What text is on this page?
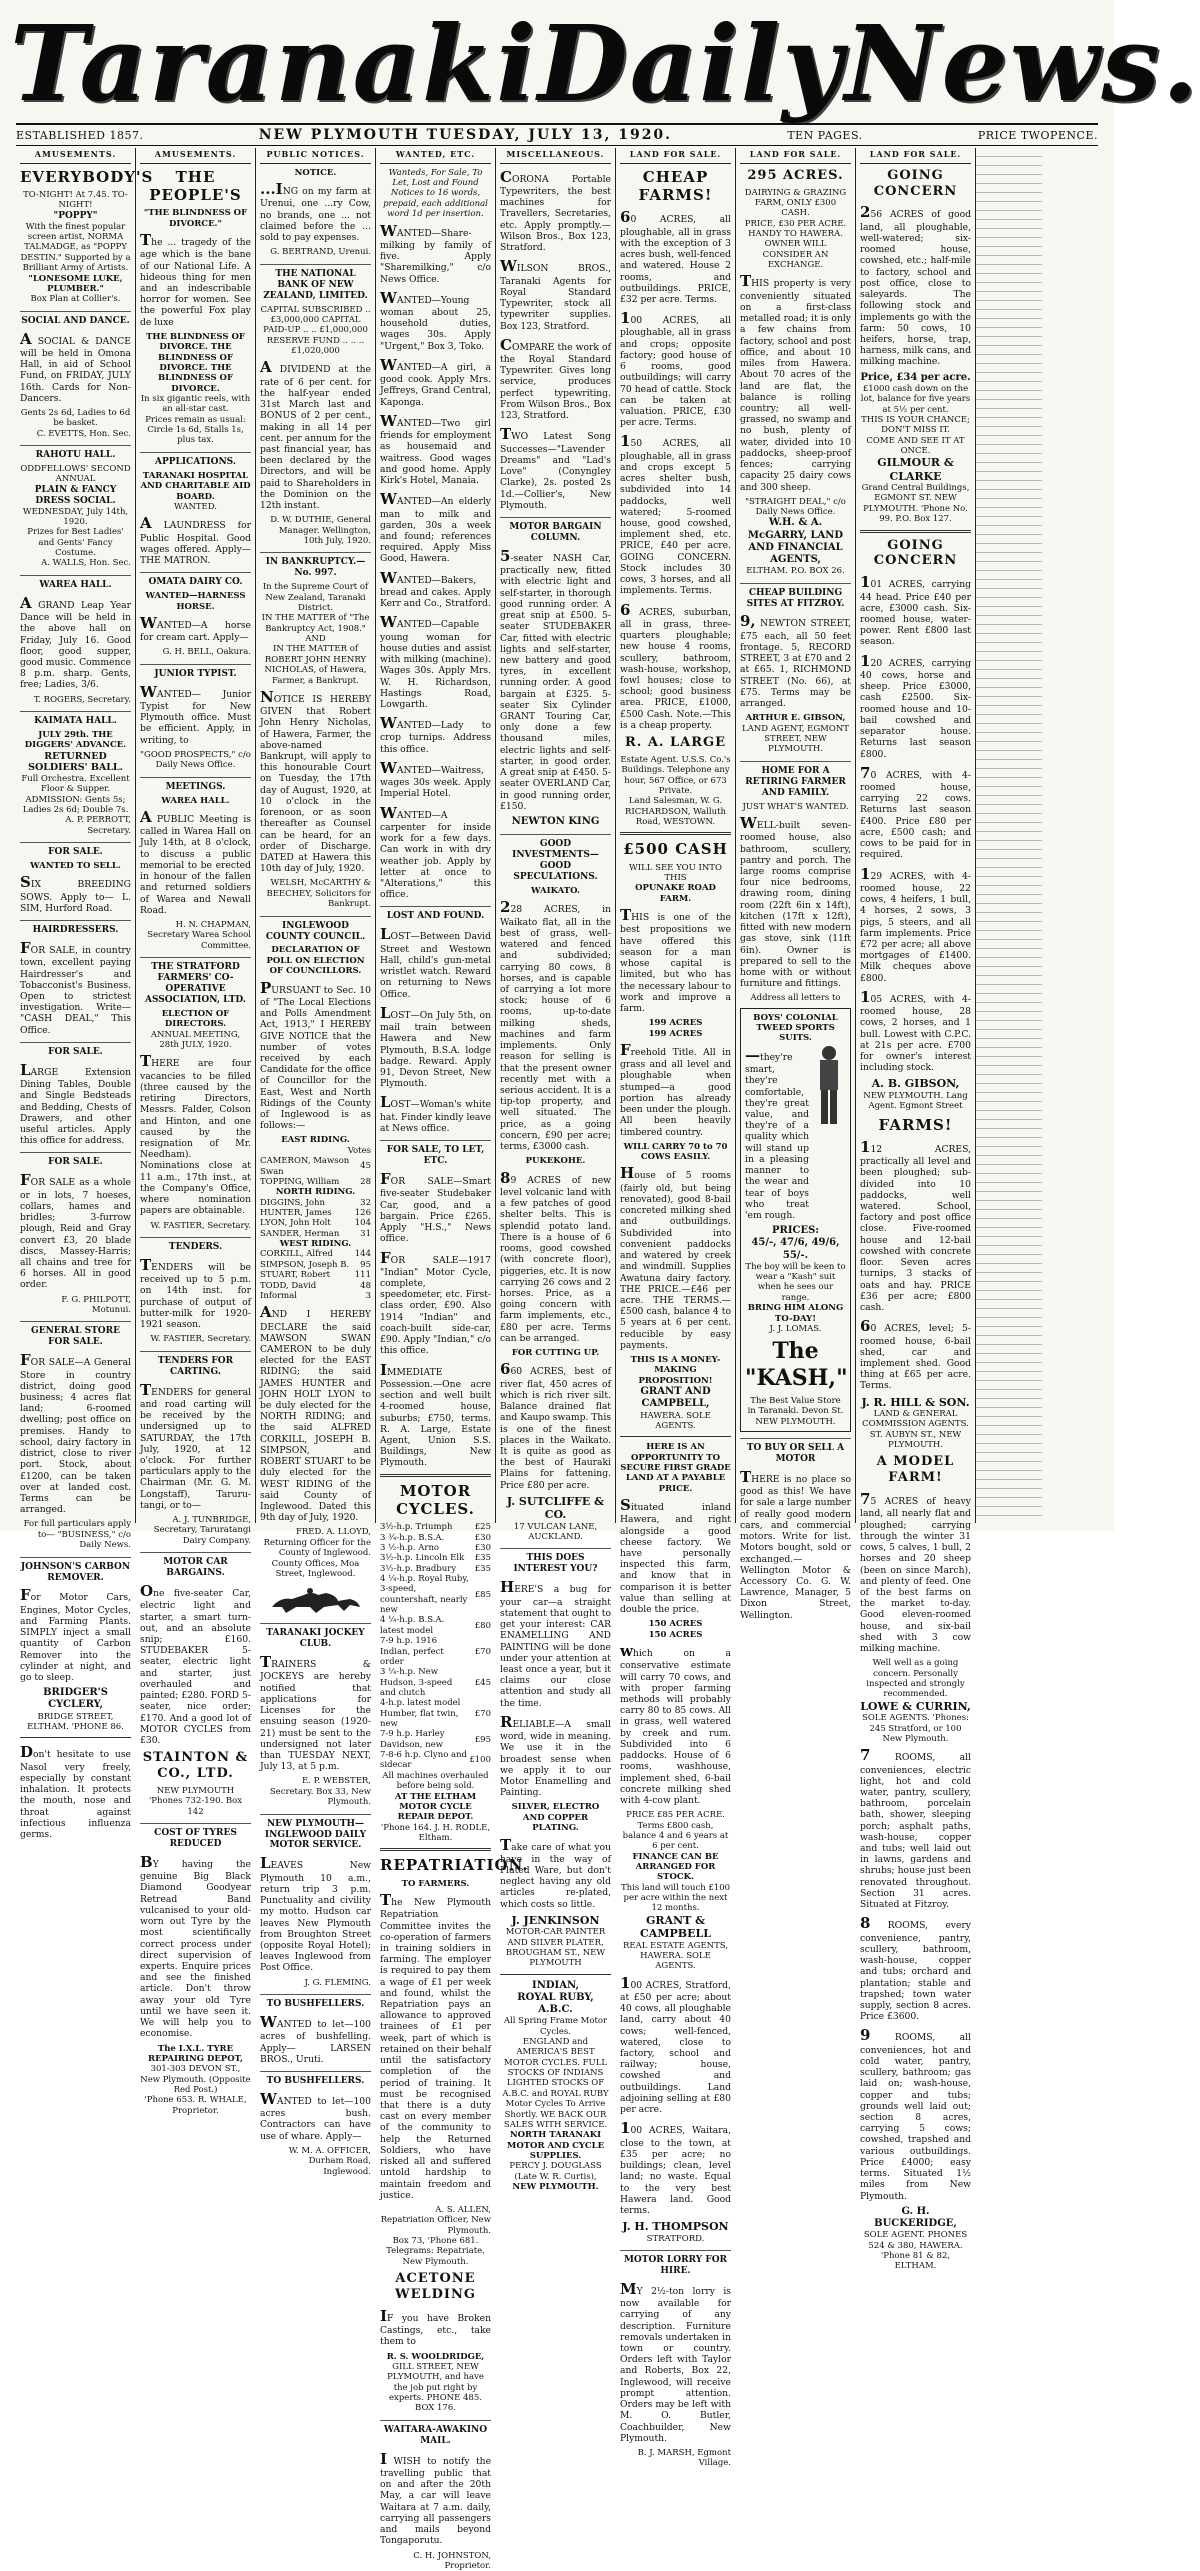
Taranaki Daily News.
ESTABLISHED 1857.	NEW PLYMOUTH TUESDAY, JULY 13, 1920.	TEN PAGES.	PRICE TWOPENCE.
AMUSEMENTS.
EVERYBODY'S
TO-NIGHT! At 7.45. TO-NIGHT!
"POPPY"
With the finest popular screen artist, NORMA TALMADGE, as "POPPY DESTIN." Supported by a Brilliant Army of Artists.
"LONESOME LUKE, PLUMBER."
Box Plan at Collier's.
SOCIAL AND DANCE.
A SOCIAL & DANCE will be held in Omona Hall, in aid of School Fund, on FRIDAY, JULY 16th. Cards for Non-Dancers.
Gents 2s 6d, Ladies to 6d be basket.
C. EVETTS, Hon. Sec.
RAHOTU HALL.
ODDFELLOWS' SECOND ANNUAL
PLAIN & FANCY DRESS SOCIAL.
WEDNESDAY, July 14th, 1920.
Prizes for Best Ladies' and Gents' Fancy Costume.
A. WALLS, Hon. Sec.
WAREA HALL.
A GRAND Leap Year Dance will be held in the above hall on Friday, July 16. Good floor, good supper, good music. Commence 8 p.m. sharp. Gents, free; Ladies, 3/6.
T. ROGERS, Secretary.
KAIMATA HALL.
JULY 29th. THE DIGGERS' ADVANCE.
RETURNED SOLDIERS' BALL.
Full Orchestra. Excellent Floor & Supper. ADMISSION: Gents 5s; Ladies 2s 6d; Double 7s.
A. P. PERROTT, Secretary.
FOR SALE.
WANTED TO SELL.
SIX BREEDING SOWS. Apply to— L. SIM, Hurford Road.
HAIRDRESSERS.
FOR SALE, in country town, excellent paying Hairdresser's and Tobacconist's Business. Open to strictest investigation. Write— "CASH DEAL," This Office.
FOR SALE.
LARGE Extension Dining Tables, Double and Single Bedsteads and Bedding, Chests of Drawers, and other useful articles. Apply this office for address.
FOR SALE.
FOR SALE as a whole or in lots, 7 hoeses, collars, hames and bridles; 3-furrow plough, Reid and Gray convert £3, 20 blade discs, Massey-Harris; all chains and tree for 6 horses. All in good order.
F. G. PHILPOTT, Motunui.
GENERAL STORE FOR SALE.
FOR SALE—A General Store in country district, doing good business; 4 acres flat land; 6-roomed dwelling; post office on premises. Handy to school, dairy factory in district, close to river port. Stock, about £1200, can be taken over at landed cost. Terms can be arranged.
For full particulars apply to— "BUSINESS," c/o Daily News.
JOHNSON'S CARBON REMOVER.
For Motor Cars, Engines, Motor Cycles, and Farming Plants. SIMPLY inject a small quantity of Carbon Remover into the cylinder at night, and go to sleep.
BRIDGER'S CYCLERY,
BRIDGE STREET, ELTHAM. 'PHONE 86.
Don't hesitate to use Nasol very freely, especially by constant inhalation. It protects the mouth, nose and throat against infectious influenza germs.
AMUSEMENTS.
THE PEOPLE'S
"THE BLINDNESS OF DIVORCE."
The ... tragedy of the age which is the bane of our National Life. A hideous thing for men and an indescribable horror for women. See the powerful Fox play de luxe
THE BLINDNESS OF DIVORCE. THE BLINDNESS OF DIVORCE. THE BLINDNESS OF DIVORCE.
In six gigantic reels, with an all-star cast.
Prices remain as usual: Circle 1s 6d, Stalls 1s, plus tax.
APPLICATIONS.
TARANAKI HOSPITAL AND CHARITABLE AID BOARD.
WANTED.
A LAUNDRESS for Public Hospital. Good wages offered. Apply— THE MATRON.
OMATA DAIRY CO.
WANTED—HARNESS HORSE.
WANTED—A horse for cream cart. Apply—
G. H. BELL, Oakura.
JUNIOR TYPIST.
WANTED— Junior Typist for New Plymouth office. Must be efficient. Apply, in writing, to
"GOOD PROSPECTS," c/o Daily News Office.
MEETINGS.
WAREA HALL.
A PUBLIC Meeting is called in Warea Hall on July 14th, at 8 o'clock, to discuss a public memorial to be erected in honour of the fallen and returned soldiers of Warea and Newall Road.
H. N. CHAPMAN, Secretary Warea School Committee.
THE STRATFORD FARMERS' CO-OPERATIVE ASSOCIATION, LTD.
ELECTION OF DIRECTORS.
ANNUAL MEETING, 28th JULY, 1920.
THERE are four vacancies to be filled (three caused by the retiring Directors, Messrs. Falder, Colson and Hinton, and one caused by the resignation of Mr. Needham). Nominations close at 11 a.m., 17th inst., at the Company's Office, where nomination papers are obtainable.
W. FASTIER, Secretary.
TENDERS.
TENDERS will be received up to 5 p.m. on 14th inst. for purchase of output of butter-milk for 1920-1921 season.
W. FASTIER, Secretary.
TENDERS FOR CARTING.
TENDERS for general and road carting will be received by the undersigned up to SATURDAY, the 17th July, 1920, at 12 o'clock. For further particulars apply to the Chairman (Mr. G. M. Longstaff), Taruru-tangi, or to—
A. J. TUNBRIDGE, Secretary, Taruratangi Dairy Company.
MOTOR CAR BARGAINS.
One five-seater Car, electric light and starter, a smart turn-out, and an absolute snip; £160. STUDEBAKER 5-seater, electric light and starter, just overhauled and painted; £280. FORD 5-seater, nice order; £170. And a good lot of MOTOR CYCLES from £30.
STAINTON & CO., LTD.
NEW PLYMOUTH
'Phones 732-190. Box 142
COST OF TYRES REDUCED
BY having the genuine Big Black Diamond Goodyear Retread Band vulcanised to your old-worn out Tyre by the most scientifically correct process under direct supervision of experts. Enquire prices and see the finished article. Don't throw away your old Tyre until we have seen it. We will help you to economise.
The I.X.L. TYRE REPAIRING DEPOT,
301-303 DEVON ST., New Plymouth. (Opposite Red Post.)
'Phone 653. R. WHALE, Proprietor.
PUBLIC NOTICES.
NOTICE.
...ING on my farm at Urenui, one ...ry Cow, no brands, one ... not claimed before the ... sold to pay expenses.
G. BERTRAND, Urenui.
THE NATIONAL BANK OF NEW ZEALAND, LIMITED.
CAPITAL SUBSCRIBED .. £3,000,000 CAPITAL PAID-UP .. .. £1,000,000 RESERVE FUND .. .. .. £1,020,000
A DIVIDEND at the rate of 6 per cent. for the half-year ended 31st March last and BONUS of 2 per cent., making in all 14 per cent. per annum for the past financial year, has been declared by the Directors, and will be paid to Shareholders in the Dominion on the 12th instant.
D. W. DUTHIE, General Manager. Wellington, 10th July, 1920.
IN BANKRUPTCY.—No. 997.
In the Supreme Court of New Zealand, Taranaki District.
IN THE MATTER of "The Bankruptcy Act, 1908."
AND
IN THE MATTER of ROBERT JOHN HENRY NICHOLAS, of Hawera, Farmer, a Bankrupt.
NOTICE IS HEREBY GIVEN that Robert John Henry Nicholas, of Hawera, Farmer, the above-named Bankrupt, will apply to this honourable Court on Tuesday, the 17th day of August, 1920, at 10 o'clock in the forenoon, or as soon thereafter as Counsel can be heard, for an order of Discharge. DATED at Hawera this 10th day of July, 1920.
WELSH, McCARTHY & BEECHEY, Solicitors for Bankrupt.
INGLEWOOD COUNTY COUNCIL.
DECLARATION OF POLL ON ELECTION OF COUNCILLORS.
PURSUANT to Sec. 10 of "The Local Elections and Polls Amendment Act, 1913," I HEREBY GIVE NOTICE that the number of votes received by each Candidate for the office of Councillor for the East, West and North Ridings of the County of Inglewood is as follows:—
EAST RIDING.
Votes
CAMERON, Mawson Swan	45
TOPPING, William	28
NORTH RIDING.
DIGGINS, John	32
HUNTER, James	126
LYON, John Holt	104
SANDER, Herman	31
WEST RIDING.
CORKILL, Alfred	144
SIMPSON, Joseph B.	95
STUART, Robert	111
TODD, David	48
Informal	3
AND I HEREBY DECLARE the said MAWSON SWAN CAMERON to be duly elected for the EAST RIDING; the said JAMES HUNTER and JOHN HOLT LYON to be duly elected for the NORTH RIDING; and the said ALFRED CORKILL, JOSEPH B. SIMPSON, and ROBERT STUART to be duly elected for the WEST RIDING of the said County of Inglewood. Dated this 9th day of July, 1920.
FRED. A. LLOYD, Returning Officer for the County of Inglewood.
County Offices, Moa Street, Inglewood.
TARANAKI JOCKEY CLUB.
TRAINERS & JOCKEYS are hereby notified that applications for Licenses for the ensuing season (1920-21) must be sent to the undersigned not later than TUESDAY NEXT, July 13, at 5 p.m.
E. P. WEBSTER, Secretary. Box 33, New Plymouth.
NEW PLYMOUTH—INGLEWOOD DAILY MOTOR SERVICE.
LEAVES New Plymouth 10 a.m., return trip 3 p.m. Punctuality and civility my motto. Hudson car leaves New Plymouth from Broughton Street (opposite Royal Hotel); leaves Inglewood from Post Office.
J. G. FLEMING.
TO BUSHFELLERS.
WANTED to let—100 acres of bushfelling. Apply— LARSEN BROS., Uruti.
TO BUSHFELLERS.
WANTED to let—100 acres bush. Contractors can have use of whare. Apply—
W. M. A. OFFICER, Durham Road, Inglewood.
WANTED, ETC.
Wanteds, For Sale, To Let, Lost and Found Notices to 16 words, prepaid, each additional word 1d per insertion.
WANTED—Share-milking by family of five. Apply "Sharemilking," c/o News Office.
WANTED—Young woman about 25, household duties, wages 30s. Apply "Urgent," Box 3, Toko.
WANTED—A girl, a good cook. Apply Mrs. Jeffreys, Grand Central, Kaponga.
WANTED—Two girl friends for employment as housemaid and waitress. Good wages and good home. Apply Kirk's Hotel, Manaia.
WANTED—An elderly man to milk and garden, 30s a week and found; references required. Apply Miss Good, Hawera.
WANTED—Bakers, bread and cakes. Apply Kerr and Co., Stratford.
WANTED—Capable young woman for house duties and assist with milking (machine). Wages 30s. Apply Mrs. W. H. Richardson, Hastings Road, Lowgarth.
WANTED—Lady to crop turnips. Address this office.
WANTED—Waitress, wages 30s week. Apply Imperial Hotel.
WANTED—A carpenter for inside work for a few days. Can work in with dry weather job. Apply by letter at once to "Alterations," this office.
LOST AND FOUND.
LOST—Between David Street and Westown Hall, child's gun-metal wristlet watch. Reward on returning to News Office.
LOST—On July 5th, on mail train between Hawera and New Plymouth, B.S.A. lodge badge. Reward. Apply 91, Devon Street, New Plymouth.
LOST—Woman's white hat. Finder kindly leave at News office.
FOR SALE, TO LET, ETC.
FOR SALE—Smart five-seater Studebaker Car, good, and a bargain. Price £265. Apply "H.S.," News office.
FOR SALE—1917 "Indian" Motor Cycle, complete, speedometer, etc. First-class order, £90. Also 1914 "Indian" and coach-built side-car, £90. Apply "Indian," c/o this office.
IMMEDIATE Possession.—One acre section and well built 4-roomed house, suburbs; £750, terms. R. A. Large, Estate Agent, Union S.S. Buildings, New Plymouth.
MOTOR CYCLES.
3½-h.p. Triumph	£25
3 ¾-h.p. B.S.A.	£30
3 ½-h.p. Arno	£30
3½-h.p. Lincoln Elk	£35
3½-h.p. Bradbury	£35
4 ¼-h.p. Royal Ruby, 3-speed, countershaft, nearly new	£85
4 ¼-h.p. B.S.A. latest model	£80
7-9 h.p. 1916 Indian, perfect order	£70
3 ¼-h.p. New Hudson, 3-speed and clutch	£45
4-h.p. latest model Humber, flat twin, new	£70
7-9 h.p. Harley Davidson, new	£95
7-8-6 h.p. Clyno and sidecar	£100
All machines overhauled before being sold.
AT THE ELTHAM MOTOR CYCLE REPAIR DEPOT.
'Phone 164. J. H. RODLE, Eltham.
REPATRIATION.
TO FARMERS.
The New Plymouth Repatriation Committee invites the co-operation of farmers in training soldiers in farming. The employer is required to pay them a wage of £1 per week and found, whilst the Repatriation pays an allowance to approved trainees of £1 per week, part of which is retained on their behalf until the satisfactory completion of the period of training. It must be recognised that there is a duty cast on every member of the community to help the Returned Soldiers, who have risked all and suffered untold hardship to maintain freedom and justice.
A. S. ALLEN, Repatriation Officer, New Plymouth.
Box 73, 'Phone 681. Telegrams: Repatriate, New Plymouth.
ACETONE WELDING
IF you have Broken Castings, etc., take them to
R. S. WOOLDRIDGE,
GILL STREET, NEW PLYMOUTH, and have the job put right by experts. PHONE 485. BOX 176.
WAITARA-AWAKINO MAIL.
I WISH to notify the travelling public that on and after the 20th May, a car will leave Waitara at 7 a.m. daily, carrying all passengers and mails beyond Tongaporutu.
C. H. JOHNSTON, Proprietor.
MISCELLANEOUS.
CORONA Portable Typewriters, the best machines for Travellers, Secretaries, etc. Apply promptly.—Wilson Bros., Box 123, Stratford.
WILSON BROS., Taranaki Agents for Royal Standard Typewriter, stock all typewriter supplies. Box 123, Stratford.
COMPARE the work of the Royal Standard Typewriter. Gives long service, produces perfect typewriting. From Wilson Bros., Box 123, Stratford.
TWO Latest Song Successes—"Lavender Dreams" and "Lad's Love" (Conyngley Clarke), 2s. posted 2s 1d.—Collier's, New Plymouth.
MOTOR BARGAIN COLUMN.
5-seater NASH Car, practically new, fitted with electric light and self-starter, in thorough good running order. A great snip at £500. 5-seater STUDEBAKER Car, fitted with electric lights and self-starter, new battery and good tyres, in excellent running order. A good bargain at £325. 5-seater Six Cylinder GRANT Touring Car, only done a few thousand miles, electric lights and self-starter, in good order. A great snip at £450. 5-seater OVERLAND Car, in good running order, £150.
NEWTON KING
GOOD INVESTMENTS—GOOD SPECULATIONS.
WAIKATO.
228 ACRES, in Waikato flat, all in the best of grass, well-watered and fenced and subdivided; carrying 80 cows, 8 horses, and is capable of carrying a lot more stock; house of 6 rooms, up-to-date milking sheds, machines and farm implements. Only reason for selling is that the present owner recently met with a serious accident. It is a tip-top property, and well situated. The price, as a going concern, £90 per acre; terms, £3000 cash.
PUKEKOHE.
89 ACRES of new level volcanic land with a few patches of good shelter belts. This is splendid potato land. There is a house of 6 rooms, good cowshed (with concrete floor), piggeries, etc. It is now carrying 26 cows and 2 horses. Price, as a going concern with farm implements, etc., £80 per acre. Terms can be arranged.
FOR CUTTING UP.
660 ACRES, best of river flat, 450 acres of which is rich river silt. Balance drained flat and Kaupo swamp. This is one of the finest places in the Waikato. It is quite as good as the best of Hauraki Plains for fattening. Price £80 per acre.
J. SUTCLIFFE & CO.
17 VULCAN LANE, AUCKLAND.
THIS DOES INTEREST YOU?
HERE'S a bug for your car—a straight statement that ought to get your interest: CAR ENAMELLING AND PAINTING will be done under your attention at least once a year, but it claims our close attention and study all the time.
RELIABLE—A small word, wide in meaning. We use it in the broadest sense when we apply it to our Motor Enamelling and Painting.
SILVER, ELECTRO AND COPPER PLATING.
Take care of what you have in the way of Plated Ware, but don't neglect having any old articles re-plated, which costs so little.
J. JENKINSON
MOTOR-CAR PAINTER AND SILVER PLATER, BROUGHAM ST., NEW PLYMOUTH
INDIAN,
ROYAL RUBY, A.B.C.
All Spring Frame Motor Cycles.
ENGLAND and AMERICA'S BEST MOTOR CYCLES. FULL STOCKS OF INDIANS LIGHTED STOCKS OF A.B.C. and ROYAL RUBY Motor Cycles To Arrive Shortly. WE BACK OUR SALES WITH SERVICE.
NORTH TARANAKI MOTOR AND CYCLE SUPPLIES.
PERCY J. DOUGLASS (Late W. R. Curtis),
NEW PLYMOUTH.
LAND FOR SALE.
CHEAP FARMS!
60 ACRES, all ploughable, all in grass with the exception of 3 acres bush, well-fenced and watered. House 2 rooms, and outbuildings. PRICE, £32 per acre. Terms.
100 ACRES, all ploughable, all in grass and crops; opposite factory; good house of 6 rooms, good outbuildings; will carry 70 head of cattle. Stock can be taken at valuation. PRICE, £30 per acre. Terms.
150 ACRES, all ploughable, all in grass and crops except 5 acres shelter bush, subdivided into 14 paddocks, well watered; 5-roomed house, good cowshed, implement shed, etc. PRICE, £40 per acre. GOING CONCERN. Stock includes 30 cows, 3 horses, and all implements. Terms.
6 ACRES, suburban, all in grass, three-quarters ploughable; new house 4 rooms, scullery, bathroom, wash-house, workshop, fowl houses; close to school; good business area. PRICE, £1000, £500 Cash. Note.—This is a cheap property.
R. A. LARGE
Estate Agent. U.S.S. Co.'s Buildings. Telephone any hour, 567 Office, or 673 Private.
Land Salesman, W. G. RICHARDSON, Walluth Road, WESTOWN.
£500 CASH
WILL SEE YOU INTO THIS
OPUNAKE ROAD FARM.
THIS is one of the best propositions we have offered this season for a man whose capital is limited, but who has the necessary labour to work and improve a farm.
199 ACRES
199 ACRES
Freehold Title. All in grass and all level and ploughable when stumped—a good portion has already been under the plough. All been heavily timbered country.
WILL CARRY 70 to 70 COWS EASILY.
House of 5 rooms (fairly old, but being renovated), good 8-bail concreted milking shed and outbuildings. Subdivided into convenient paddocks and watered by creek and windmill. Supplies Awatuna dairy factory. THE PRICE.—£46 per acre. THE TERMS.—£500 cash, balance 4 to 5 years at 6 per cent. reducible by easy payments.
THIS IS A MONEY-MAKING PROPOSITION!
GRANT AND CAMPBELL,
HAWERA. SOLE AGENTS.
HERE IS AN OPPORTUNITY TO SECURE FIRST GRADE LAND AT A PAYABLE PRICE.
Situated inland Hawera, and right alongside a good cheese factory. We have personally inspected this farm, and know that in comparison it is better value than selling at double the price.
150 ACRES
150 ACRES
which on a conservative estimate will carry 70 cows, and with proper farming methods will probably carry 80 to 85 cows. All in grass, well watered by creek and rum. Subdivided into 6 paddocks. House of 6 rooms, washhouse, implement shed, 6-bail concrete milking shed with 4-cow plant.
PRICE £85 PER ACRE. Terms £800 cash, balance 4 and 6 years at 6 per cent.
FINANCE CAN BE ARRANGED FOR STOCK.
This land will touch £100 per acre within the next 12 months.
GRANT & CAMPBELL
REAL ESTATE AGENTS, HAWERA. SOLE AGENTS.
100 ACRES, Stratford, at £50 per acre; about 40 cows, all ploughable land, carry about 40 cows; well-fenced, watered, close to factory, school and railway; house, cowshed and outbuildings. Land adjoining selling at £80 per acre.
100 ACRES, Waitara, close to the town, at £35 per acre; no buildings; clean, level land; no waste. Equal to the very best Hawera land. Good terms.
J. H. THOMPSON
STRATFORD.
MOTOR LORRY FOR HIRE.
MY 2½-ton lorry is now available for carrying of any description. Furniture removals undertaken in town or country. Orders left with Taylor and Roberts, Box 22, Inglewood, will receive prompt attention. Orders may be left with M. O. Butler, Coachbuilder, New Plymouth.
B. J. MARSH, Egmont Village.
LAND FOR SALE.
295 ACRES.
DAIRYING & GRAZING FARM, ONLY £300 CASH.
PRICE, £30 PER ACRE.
HANDY TO HAWERA.
OWNER WILL CONSIDER AN EXCHANGE.
THIS property is very conveniently situated on a first-class metalled road; it is only a few chains from factory, school and post office, and about 10 miles from Hawera. About 70 acres of the land are flat, the balance is rolling country; all well-grassed, no swamp and no bush, plenty of water, divided into 10 paddocks, sheep-proof fences; carrying capacity 25 dairy cows and 300 sheep.
"STRAIGHT DEAL," c/o Daily News Office.
W.H. & A. McGARRY, LAND AND FINANCIAL AGENTS,
ELTHAM. P.O. BOX 26.
CHEAP BUILDING SITES AT FITZROY.
9, NEWTON STREET, £75 each, all 50 feet frontage. 5, RECORD STREET, 3 at £70 and 2 at £65. 1, RICHMOND STREET (No. 66), at £75. Terms may be arranged.
ARTHUR E. GIBSON,
LAND AGENT, EGMONT STREET, NEW PLYMOUTH.
HOME FOR A RETIRING FARMER AND FAMILY.
JUST WHAT'S WANTED.
WELL-built seven-roomed house, also bathroom, scullery, pantry and porch. The large rooms comprise four nice bedrooms, drawing room, dining room (22ft 6in x 14ft), kitchen (17ft x 12ft), fitted with new modern gas stove, sink (11ft 6in). Owner is prepared to sell to the home with or without furniture and fittings.
Address all letters to
BOYS' COLONIAL TWEED SPORTS SUITS.
—they're smart, they're comfortable, they're great value, and they're of a quality which will stand up in a pleasing manner to the wear and tear of boys who treat 'em rough.
PRICES:
45/-, 47/6, 49/6, 55/-.
The boy will be keen to wear a "Kash" suit when he sees our range.
BRING HIM ALONG TO-DAY!
J. J. LOMAS.
The "KASH,"
The Best Value Store in Taranaki. Devon St. NEW PLYMOUTH.
TO BUY OR SELL A MOTOR
THERE is no place so good as this! We have for sale a large number of really good modern cars, and commercial motors. Write for list. Motors bought, sold or exchanged.—Wellington Motor & Accessory Co. G. W. Lawrence, Manager, 5 Dixon Street, Wellington.
LAND FOR SALE.
GOING CONCERN
256 ACRES of good land, all ploughable, well-watered; six-roomed house, cowshed, etc.; half-mile to factory, school and post office, close to saleyards. The following stock and implements go with the farm: 50 cows, 10 heifers, horse, trap, harness, milk cans, and milking machine.
Price, £34 per acre.
£1000 cash down on the lot, balance for five years at 5½ per cent.
THIS IS YOUR CHANCE; DON'T MISS IT.
COME AND SEE IT AT ONCE.
GILMOUR & CLARKE
Grand Central Buildings, EGMONT ST. NEW PLYMOUTH. 'Phone No. 99. P.O. Box 127.
GOING CONCERN
101 ACRES, carrying 44 head. Price £40 per acre, £3000 cash. Six-roomed house, water-power. Rent £800 last season.
120 ACRES, carrying 40 cows, horse and sheep. Price £3000, cash £2500. Six-roomed house and 10-bail cowshed and separator house. Returns last season £800.
70 ACRES, with 4-roomed house, carrying 22 cows. Returns last season £400. Price £80 per acre, £500 cash; and cows to be paid for in required.
129 ACRES, with 4-roomed house, 22 cows, 4 heifers, 1 bull, 4 horses, 2 sows, 3 pigs, 5 steers, and all farm implements. Price £72 per acre; all above mortgages of £1400. Milk cheques above £800.
105 ACRES, with 4-roomed house, 28 cows, 2 horses, and 1 bull. Lowest with C.P.C. at 21s per acre. £700 for owner's interest including stock.
A. B. GIBSON,
NEW PLYMOUTH. Lang Agent. Egmont Street
FARMS!
112 ACRES, practically all level and been ploughed; sub-divided into 10 paddocks, well watered. School, factory and post office close. Five-roomed house and 12-bail cowshed with concrete floor. Seven acres turnips, 3 stacks of oats and hay. PRICE £36 per acre; £800 cash.
60 ACRES, level; 5-roomed house, 6-bail shed, car and implement shed. Good thing at £65 per acre. Terms.
J. R. HILL & SON.
LAND & GENERAL COMMISSION AGENTS. ST. AUBYN ST., NEW PLYMOUTH.
A MODEL FARM!
75 ACRES of heavy land, all nearly flat and ploughed; carrying through the winter 31 cows, 5 calves, 1 bull, 2 horses and 20 sheep (been on since March), and plenty of feed. One of the best farms on the market to-day. Good eleven-roomed house, and six-bail shed with 3 cow milking machine.
Well well as a going concern. Personally inspected and strongly recommended.
LOWE & CURRIN,
SOLE AGENTS. 'Phones: 245 Stratford, or 100 New Plymouth.
7 ROOMS, all conveniences, electric light, hot and cold water, pantry, scullery, bathroom, porcelain bath, shower, sleeping porch; asphalt paths, wash-house, copper and tubs; well laid out in lawns, gardens and shrubs; house just been renovated throughout. Section 31 acres. Situated at Fitzroy.
8 ROOMS, every convenience, pantry, scullery, bathroom, wash-house, copper and tubs; orchard and plantation; stable and trapshed; town water supply, section 8 acres. Price £3600.
9 ROOMS, all conveniences, hot and cold water, pantry, scullery, bathroom; gas laid on; wash-house, copper and tubs; grounds well laid out; section 8 acres, carrying 5 cows; cowshed, trapshed and various outbuildings. Price £4000; easy terms. Situated 1½ miles from New Plymouth.
G. H. BUCKERIDGE,
SOLE AGENT. PHONES 524 & 380, HAWERA. 'Phone 81 & 82, ELTHAM.
